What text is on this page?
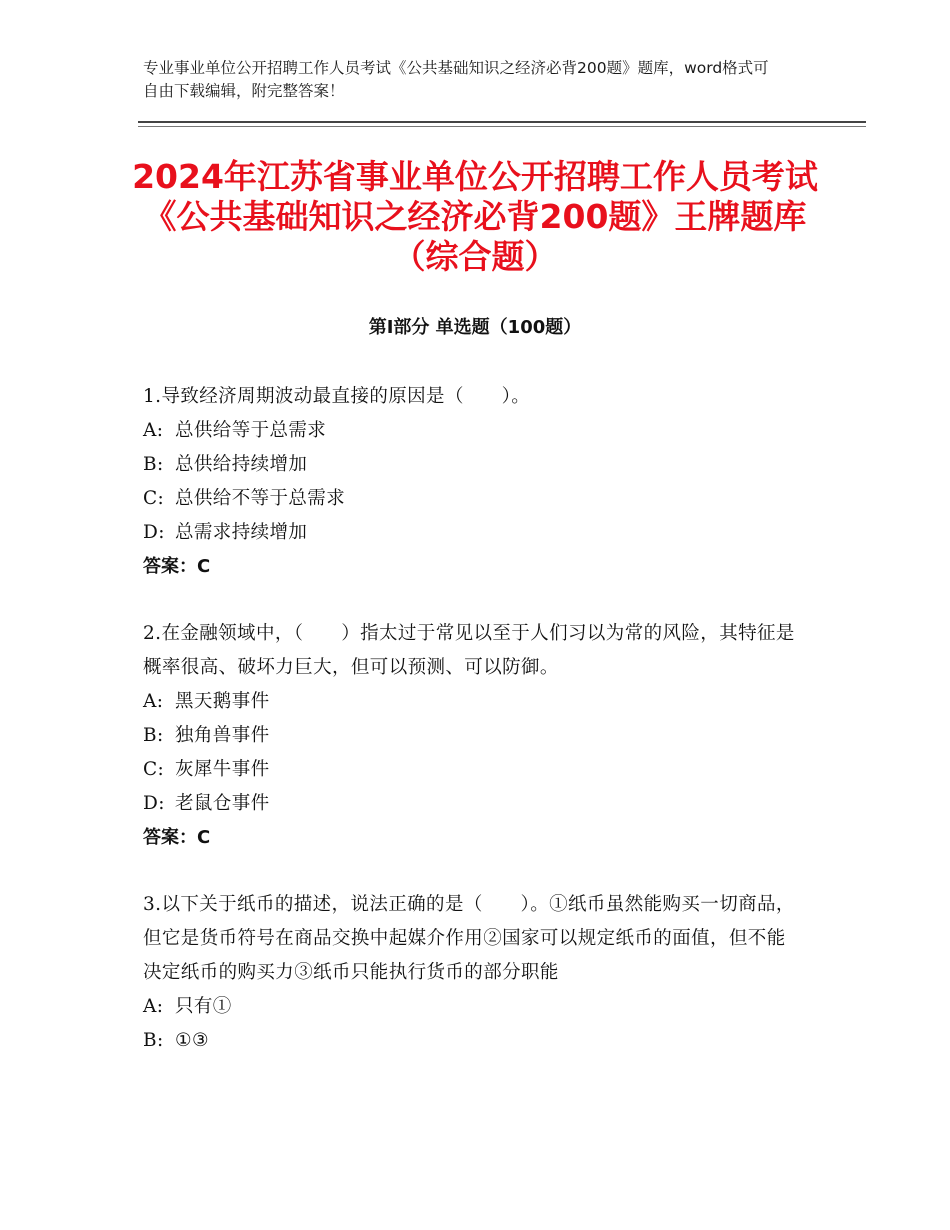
专业事业单位公开招聘工作人员考试《公共基础知识之经济必背200题》题库，word格式可自由下载编辑，附完整答案！
2024年江苏省事业单位公开招聘工作人员考试《公共基础知识之经济必背200题》王牌题库（综合题）
第I部分 单选题（100题）
1.导致经济周期波动最直接的原因是（　　）。
A: 总供给等于总需求
B: 总供给持续增加
C: 总供给不等于总需求
D: 总需求持续增加
答案：C
2.在金融领域中，（　　）指太过于常见以至于人们习以为常的风险，其特征是概率很高、破坏力巨大，但可以预测、可以防御。
A: 黑天鹅事件
B: 独角兽事件
C: 灰犀牛事件
D: 老鼠仓事件
答案：C
3.以下关于纸币的描述，说法正确的是（　　）。①纸币虽然能购买一切商品，但它是货币符号在商品交换中起媒介作用②国家可以规定纸币的面值，但不能决定纸币的购买力③纸币只能执行货币的部分职能
A: 只有①
B: ①③
